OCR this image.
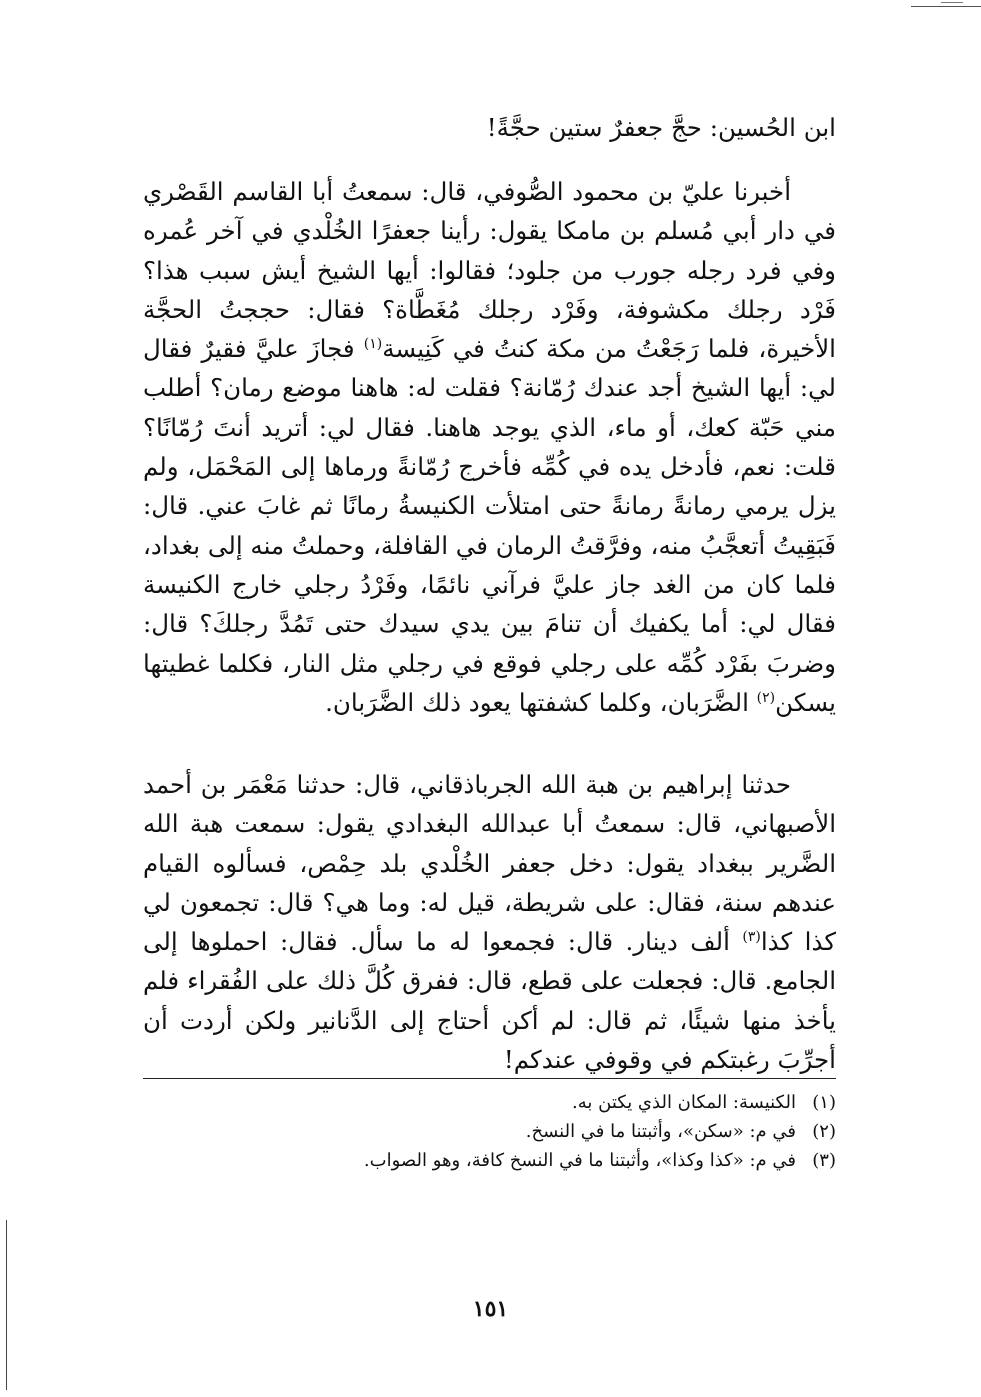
ابن الحُسين: حجَّ جعفرٌ ستين حجَّةً!

أخبرنا عليّ بن محمود الصُّوفي، قال: سمعتُ أبا القاسم القَصْري في دار أبي مُسلم بن مامكا يقول: رأينا جعفرًا الخُلْدي في آخر عُمره وفي فرد رجله جورب من جلود؛ فقالوا: أيها الشيخ أيش سبب هذا؟ فَرْد رجلك مكشوفة، وفَرْد رجلك مُغَطَّاة؟ فقال: حججتُ الحجَّة الأخيرة، فلما رَجَعْتُ من مكة كنتُ في كَنِيسة$^{(١)}$ فجازَ عليَّ فقيرٌ فقال لي: أيها الشيخ أجد عندك رُمّانة؟ فقلت له: هاهنا موضع رمان؟ أطلب مني حَبّة كعك، أو ماء، الذي يوجد هاهنا. فقال لي: أتريد أنتَ رُمّانًا؟ قلت: نعم، فأدخل يده في كُمِّه فأخرج رُمّانةً ورماها إلى المَحْمَل، ولم يزل يرمي رمانةً رمانةً حتى امتلأت الكنيسةُ رمانًا ثم غابَ عني. قال: فَبَقِيتُ أتعجَّبُ منه، وفرَّقتُ الرمان في القافلة، وحملتُ منه إلى بغداد، فلما كان من الغد جاز عليَّ فرآني نائمًا، وفَرْدُ رجلي خارج الكنيسة فقال لي: أما يكفيك أن تنامَ بين يدي سيدك حتى تَمُدَّ رجلكَ؟ قال: وضربَ بفَرْد كُمِّه على رجلي فوقع في رجلي مثل النار، فكلما غطيتها يسكن$^{(٢)}$ الضَّرَبان، وكلما كشفتها يعود ذلك الضَّرَبان.

حدثنا إبراهيم بن هبة الله الجرباذقاني، قال: حدثنا مَعْمَر بن أحمد الأصبهاني، قال: سمعتُ أبا عبدالله البغدادي يقول: سمعت هبة الله الضَّرير ببغداد يقول: دخل جعفر الخُلْدي بلد حِمْص، فسألوه القيام عندهم سنة، فقال: على شريطة، قيل له: وما هي؟ قال: تجمعون لي كذا كذا$^{(٣)}$ ألف دينار. قال: فجمعوا له ما سأل. فقال: احملوها إلى الجامع. قال: فجعلت على قطع، قال: ففرق كُلَّ ذلك على الفُقراء فلم يأخذ منها شيئًا، ثم قال: لم أكن أحتاج إلى الدَّنانير ولكن أردت أن أجرِّبَ رغبتكم في وقوفي عندكم!

(١)الكنيسة: المكان الذي يكتن به.
(٢)في م: «سكن»، وأثبتنا ما في النسخ.
(٣)في م: «كذا وكذا»، وأثبتنا ما في النسخ كافة، وهو الصواب.
١٥١
